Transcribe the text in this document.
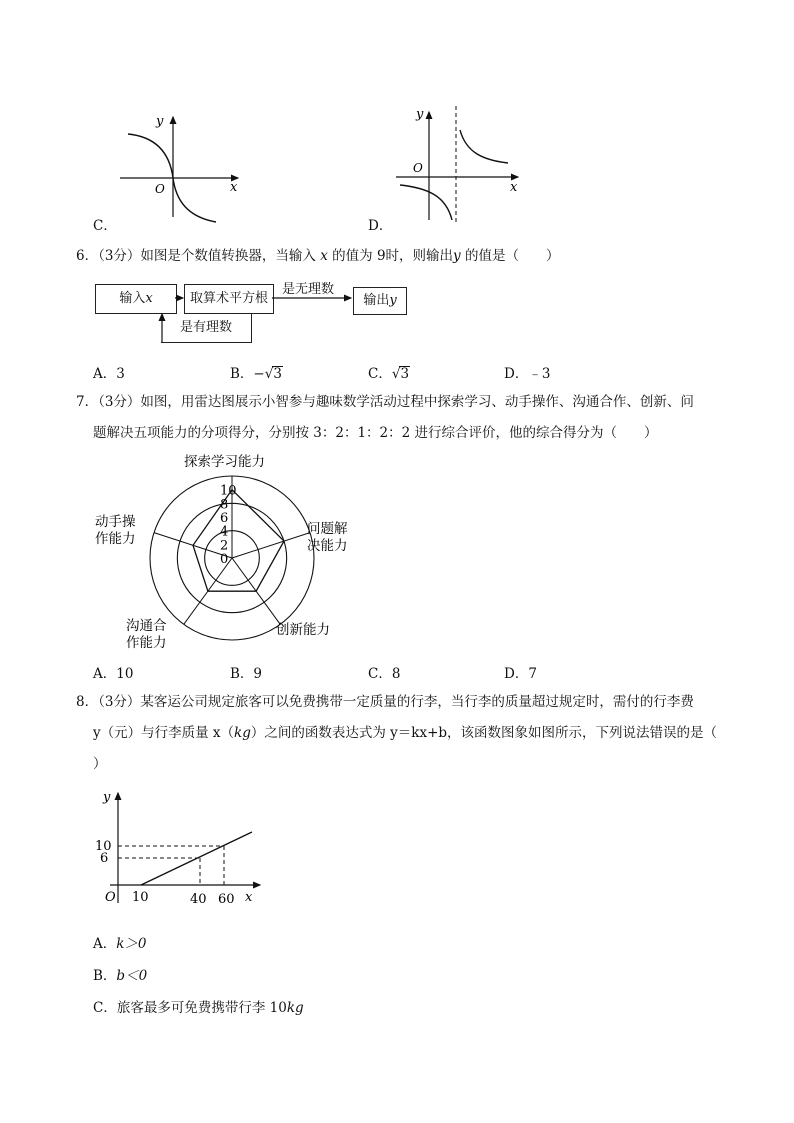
x
y
O
C．
x
y
O
D．
6．（3分）如图是个数值转换器，当输入 x 的值为 9时，则输出y 的值是（　　）
输入x	取算术平方根	输出y
是有理数
是无理数
A．3	B．−√3	C．√3	D．﹣3
7．（3分）如图，用雷达图展示小智参与趣味数学活动过程中探索学习、动手操作、沟通合作、创新、问
题解决五项能力的分项得分，分别按 3：2：1：2：2 进行综合评价，他的综合得分为（　　）
0
2
4
6
8
10
探索学习能力
问题解
决能力
创新能力
沟通合
作能力
动手操
作能力
A．10	B．9	C．8	D．7
8．（3分）某客运公司规定旅客可以免费携带一定质量的行李，当行李的质量超过规定时，需付的行李费
y（元）与行李质量 x（kg）之间的函数表达式为 y＝kx+b，该函数图象如图所示，下列说法错误的是（
）
y
x
O
10
6
10	40 60
A．k＞0
B．b＜0
C．旅客最多可免费携带行李 10kg
